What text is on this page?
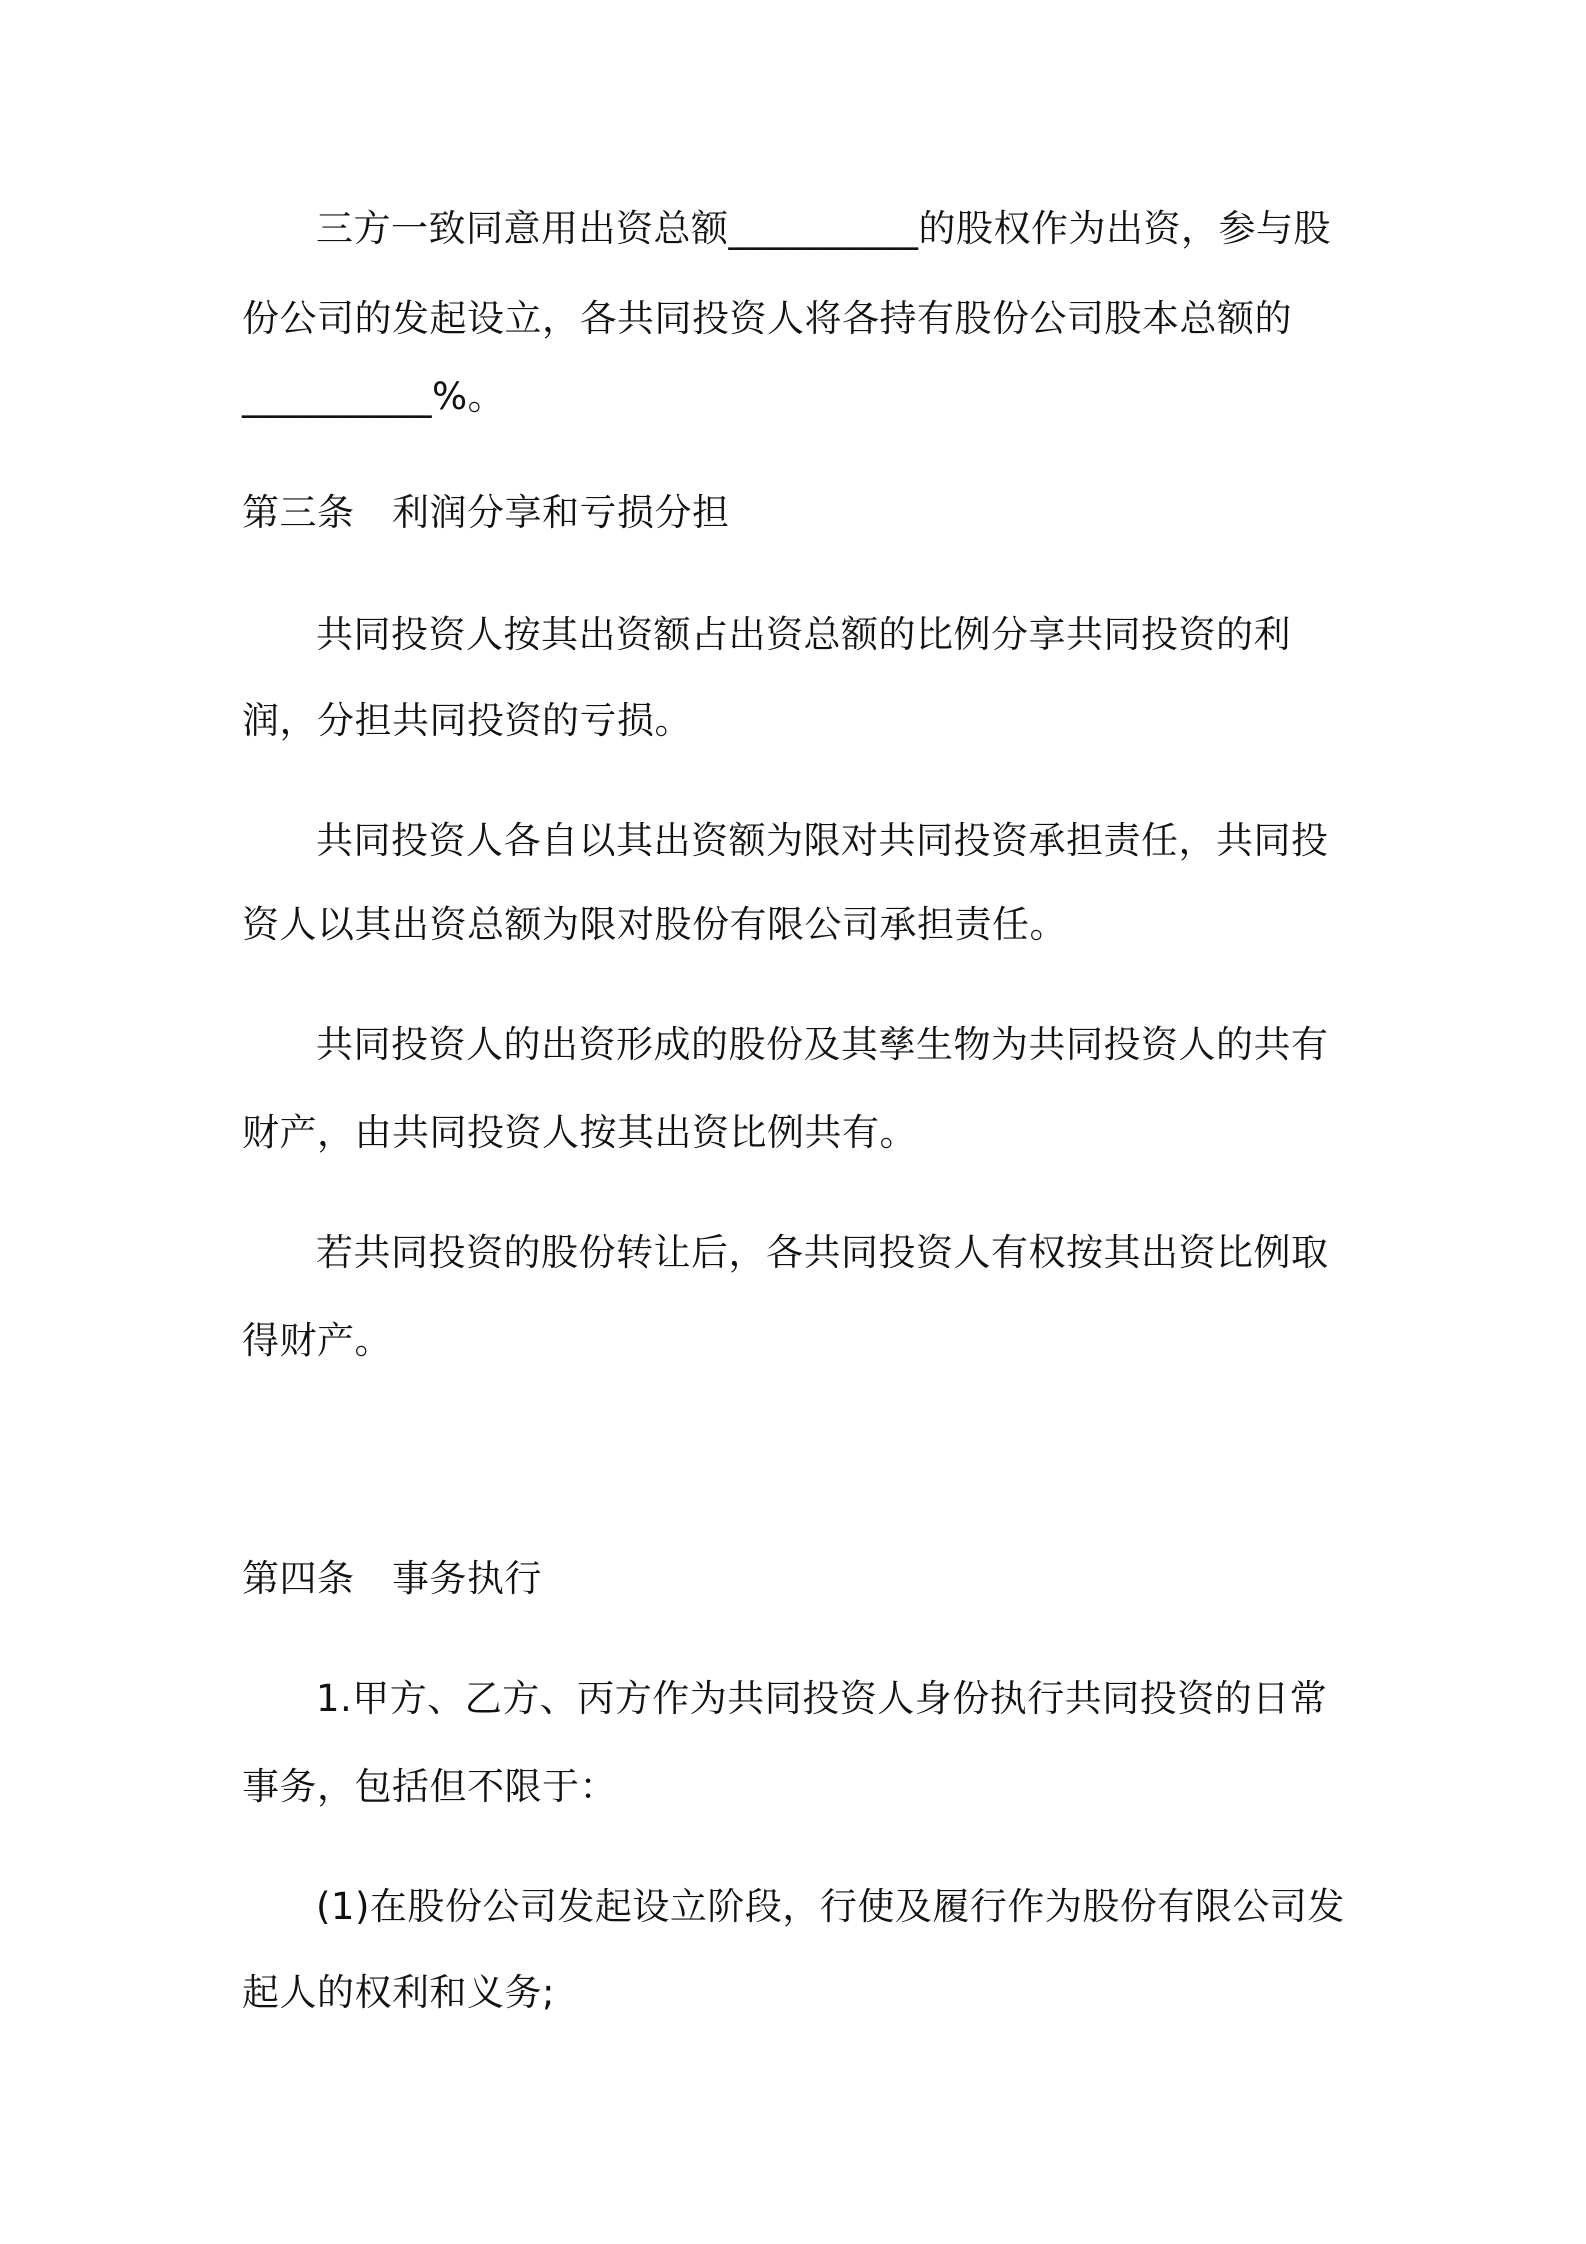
三方一致同意用出资总额__________的股权作为出资，参与股
份公司的发起设立，各共同投资人将各持有股份公司股本总额的
__________%。
第三条　利润分享和亏损分担
共同投资人按其出资额占出资总额的比例分享共同投资的利
润，分担共同投资的亏损。
共同投资人各自以其出资额为限对共同投资承担责任，共同投
资人以其出资总额为限对股份有限公司承担责任。
共同投资人的出资形成的股份及其孳生物为共同投资人的共有
财产，由共同投资人按其出资比例共有。
若共同投资的股份转让后，各共同投资人有权按其出资比例取
得财产。
第四条　事务执行
1.甲方、乙方、丙方作为共同投资人身份执行共同投资的日常
事务，包括但不限于：
(1)在股份公司发起设立阶段，行使及履行作为股份有限公司发
起人的权利和义务;
